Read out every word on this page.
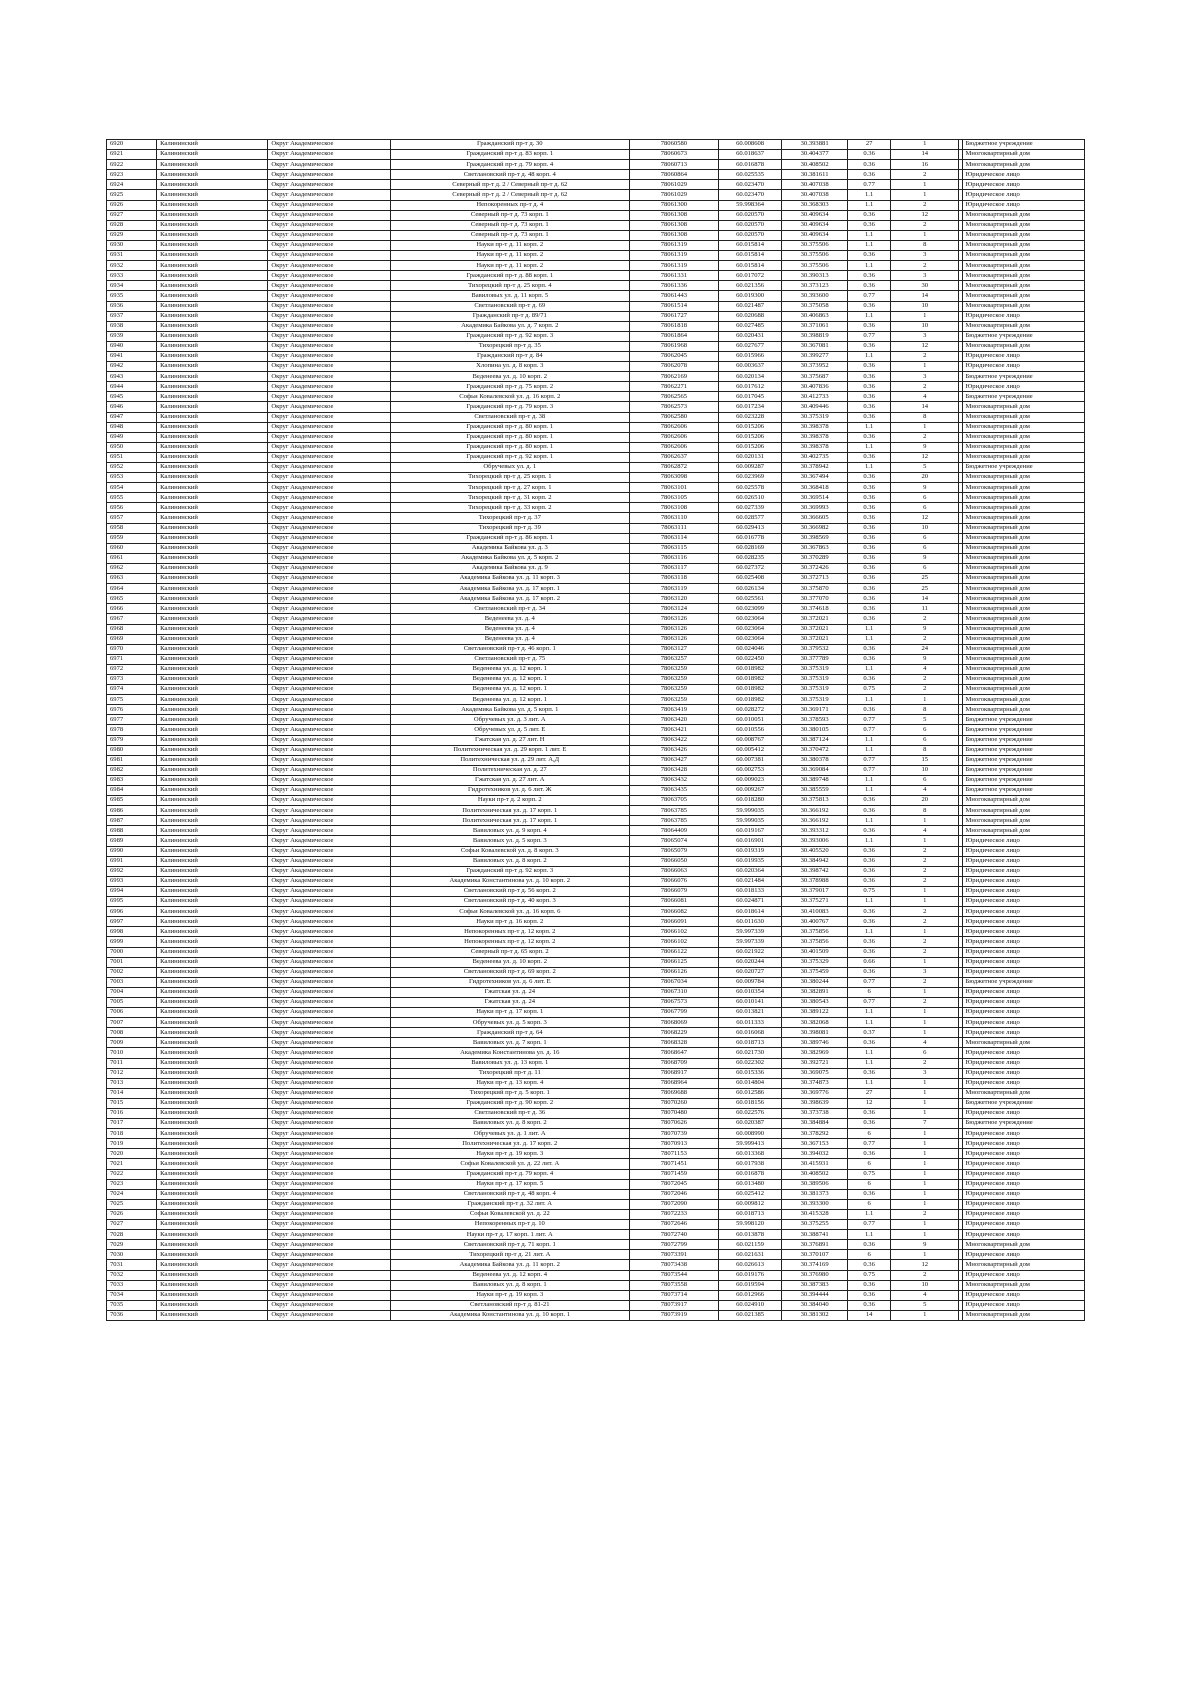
6920	Калининский	Округ Академическое	Гражданский пр-т д. 30	78060580	60.008608	30.393881	27	1		Бюджетное учреждение
6921	Калининский	Округ Академическое	Гражданский пр-т д. 83 корп. 1	78060673	60.018637	30.404377	0.36	14		Многоквартирный дом
6922	Калининский	Округ Академическое	Гражданский пр-т д. 79 корп. 4	78060713	60.016878	30.408502	0.36	16		Многоквартирный дом
6923	Калининский	Округ Академическое	Светлановский пр-т д. 48 корп. 4	78060864	60.025535	30.381611	0.36	2		Юридическое лицо
6924	Калининский	Округ Академическое	Северный пр-т д. 2 / Северный пр-т д. 62	78061029	60.023470	30.407038	0.77	1		Юридическое лицо
6925	Калининский	Округ Академическое	Северный пр-т д. 2 / Северный пр-т д. 62	78061029	60.023470	30.407038	1.1	1		Юридическое лицо
6926	Калининский	Округ Академическое	Непокоренных пр-т д. 4	78061300	59.998364	30.368303	1.1	2		Юридическое лицо
6927	Калининский	Округ Академическое	Северный пр-т д. 73 корп. 1	78061308	60.020570	30.409634	0.36	12		Многоквартирный дом
6928	Калининский	Округ Академическое	Северный пр-т д. 73 корп. 1	78061308	60.020570	30.409634	0.36	2		Многоквартирный дом
6929	Калининский	Округ Академическое	Северный пр-т д. 73 корп. 1	78061308	60.020570	30.409634	1.1	1		Многоквартирный дом
6930	Калининский	Округ Академическое	Науки пр-т д. 11 корп. 2	78061319	60.015814	30.375506	1.1	8		Многоквартирный дом
6931	Калининский	Округ Академическое	Науки пр-т д. 11 корп. 2	78061319	60.015814	30.375506	0.36	3		Многоквартирный дом
6932	Калининский	Округ Академическое	Науки пр-т д. 11 корп. 2	78061319	60.015814	30.375506	1.1	2		Многоквартирный дом
6933	Калининский	Округ Академическое	Гражданский пр-т д. 88 корп. 1	78061331	60.017072	30.390313	0.36	3		Многоквартирный дом
6934	Калининский	Округ Академическое	Тихорецкий пр-т д. 25 корп. 4	78061336	60.021356	30.373123	0.36	30		Многоквартирный дом
6935	Калининский	Округ Академическое	Вавиловых ул. д. 11 корп. 5	78061443	60.019300	30.393600	0.77	14		Многоквартирный дом
6936	Калининский	Округ Академическое	Светлановский пр-т д. 69	78061514	60.021487	30.375058	0.36	10		Многоквартирный дом
6937	Калининский	Округ Академическое	Гражданский пр-т д. 89/71	78061727	60.020688	30.406863	1.1	1		Юридическое лицо
6938	Калининский	Округ Академическое	Академика Байкова ул. д. 7 корп. 2	78061818	60.027485	30.371061	0.36	10		Многоквартирный дом
6939	Калининский	Округ Академическое	Гражданский пр-т д. 92 корп. 3	78061864	60.020431	30.398819	0.77	3		Бюджетное учреждение
6940	Калининский	Округ Академическое	Тихорецкий пр-т д. 35	78061968	60.027677	30.367081	0.36	12		Многоквартирный дом
6941	Калининский	Округ Академическое	Гражданский пр-т д. 84	78062045	60.015966	30.399277	1.1	2		Юридическое лицо
6942	Калининский	Округ Академическое	Хлопина ул. д. 8 корп. 3	78062078	60.003637	30.373952	0.36	1		Юридическое лицо
6943	Калининский	Округ Академическое	Веденеева ул. д. 10 корп. 2	78062169	60.020134	30.375687	0.36	3		Бюджетное учреждение
6944	Калининский	Округ Академическое	Гражданский пр-т д. 75 корп. 2	78062271	60.017612	30.407836	0.36	2		Юридическое лицо
6945	Калининский	Округ Академическое	Софьи Ковалевской ул. д. 16 корп. 2	78062565	60.017045	30.412733	0.36	4		Бюджетное учреждение
6946	Калининский	Округ Академическое	Гражданский пр-т д. 79 корп. 3	78062573	60.017234	30.409446	0.36	14		Многоквартирный дом
6947	Калининский	Округ Академическое	Светлановский пр-т д. 38	78062580	60.023228	30.375319	0.36	8		Многоквартирный дом
6948	Калининский	Округ Академическое	Гражданский пр-т д. 80 корп. 1	78062606	60.015206	30.398378	1.1	1		Многоквартирный дом
6949	Калининский	Округ Академическое	Гражданский пр-т д. 80 корп. 1	78062606	60.015206	30.398378	0.36	2		Многоквартирный дом
6950	Калининский	Округ Академическое	Гражданский пр-т д. 80 корп. 1	78062606	60.015206	30.398378	1.1	9		Многоквартирный дом
6951	Калининский	Округ Академическое	Гражданский пр-т д. 92 корп. 1	78062637	60.020131	30.402735	0.36	12		Многоквартирный дом
6952	Калининский	Округ Академическое	Обручевых ул. д. 1	78062872	60.009287	30.378942	1.1	5		Бюджетное учреждение
6953	Калининский	Округ Академическое	Тихорецкий пр-т д. 25 корп. 1	78063098	60.023969	30.367494	0.36	20		Многоквартирный дом
6954	Калининский	Округ Академическое	Тихорецкий пр-т д. 27 корп. 1	78063101	60.025578	30.368418	0.36	9		Многоквартирный дом
6955	Калининский	Округ Академическое	Тихорецкий пр-т д. 31 корп. 2	78063105	60.026510	30.369514	0.36	6		Многоквартирный дом
6956	Калининский	Округ Академическое	Тихорецкий пр-т д. 33 корп. 2	78063108	60.027339	30.369993	0.36	6		Многоквартирный дом
6957	Калининский	Округ Академическое	Тихорецкий пр-т д. 37	78063110	60.028577	30.366605	0.36	12		Многоквартирный дом
6958	Калининский	Округ Академическое	Тихорецкий пр-т д. 39	78063111	60.029413	30.366982	0.36	10		Многоквартирный дом
6959	Калининский	Округ Академическое	Гражданский пр-т д. 86 корп. 1	78063114	60.016778	30.398569	0.36	6		Многоквартирный дом
6960	Калининский	Округ Академическое	Академика Байкова ул. д. 3	78063115	60.028169	30.367863	0.36	6		Многоквартирный дом
6961	Калининский	Округ Академическое	Академика Байкова ул. д. 5 корп. 2	78063116	60.028235	30.370289	0.36	9		Многоквартирный дом
6962	Калининский	Округ Академическое	Академика Байкова ул. д. 9	78063117	60.027372	30.372426	0.36	6		Многоквартирный дом
6963	Калининский	Округ Академическое	Академика Байкова ул. д. 11 корп. 3	78063118	60.025408	30.372713	0.36	25		Многоквартирный дом
6964	Калининский	Округ Академическое	Академика Байкова ул. д. 17 корп. 1	78063119	60.026134	30.375870	0.36	25		Многоквартирный дом
6965	Калининский	Округ Академическое	Академика Байкова ул. д. 17 корп. 2	78063120	60.025561	30.377070	0.36	14		Многоквартирный дом
6966	Калининский	Округ Академическое	Светлановский пр-т д. 34	78063124	60.023099	30.374618	0.36	11		Многоквартирный дом
6967	Калининский	Округ Академическое	Веденеева ул. д. 4	78063126	60.023064	30.372021	0.36	2		Многоквартирный дом
6968	Калининский	Округ Академическое	Веденеева ул. д. 4	78063126	60.023064	30.372021	1.1	9		Многоквартирный дом
6969	Калининский	Округ Академическое	Веденеева ул. д. 4	78063126	60.023064	30.372021	1.1	2		Многоквартирный дом
6970	Калининский	Округ Академическое	Светлановский пр-т д. 46 корп. 1	78063127	60.024046	30.379532	0.36	24		Многоквартирный дом
6971	Калининский	Округ Академическое	Светлановский пр-т д. 75	78063257	60.022450	30.377789	0.36	9		Многоквартирный дом
6972	Калининский	Округ Академическое	Веденеева ул. д. 12 корп. 1	78063259	60.018982	30.375319	1.1	4		Многоквартирный дом
6973	Калининский	Округ Академическое	Веденеева ул. д. 12 корп. 1	78063259	60.018982	30.375319	0.36	2		Многоквартирный дом
6974	Калининский	Округ Академическое	Веденеева ул. д. 12 корп. 1	78063259	60.018982	30.375319	0.75	2		Многоквартирный дом
6975	Калининский	Округ Академическое	Веденеева ул. д. 12 корп. 1	78063259	60.018982	30.375319	1.1	1		Многоквартирный дом
6976	Калининский	Округ Академическое	Академика Байкова ул. д. 5 корп. 1	78063419	60.028272	30.369171	0.36	8		Многоквартирный дом
6977	Калининский	Округ Академическое	Обручевых ул. д. 3 лит. А	78063420	60.010051	30.378593	0.77	5		Бюджетное учреждение
6978	Калининский	Округ Академическое	Обручевых ул. д. 5 лит. Е	78063421	60.010556	30.380105	0.77	6		Бюджетное учреждение
6979	Калининский	Округ Академическое	Гжатская ул. д. 27 лит. Н	78063422	60.008767	30.387124	1.1	6		Бюджетное учреждение
6980	Калининский	Округ Академическое	Политехническая ул. д. 29 корп. 1 лит. Е	78063426	60.005412	30.370472	1.1	8		Бюджетное учреждение
6981	Калининский	Округ Академическое	Политехническая ул. д. 29 лит. А,Д	78063427	60.007381	30.380378	0.77	15		Бюджетное учреждение
6982	Калининский	Округ Академическое	Политехническая ул. д. 27	78063428	60.002753	30.369084	0.77	10		Бюджетное учреждение
6983	Калининский	Округ Академическое	Гжатская ул. д. 27 лит. А	78063432	60.009023	30.389748	1.1	6		Бюджетное учреждение
6984	Калининский	Округ Академическое	Гидротехников ул. д. 6 лит. Ж	78063435	60.009267	30.385559	1.1	4		Бюджетное учреждение
6985	Калининский	Округ Академическое	Науки пр-т д. 2 корп. 2	78063705	60.018280	30.375813	0.36	20		Многоквартирный дом
6986	Калининский	Округ Академическое	Политехническая ул. д. 17 корп. 1	78063785	59.999035	30.366192	0.36	8		Многоквартирный дом
6987	Калининский	Округ Академическое	Политехническая ул. д. 17 корп. 1	78063785	59.999035	30.366192	1.1	1		Многоквартирный дом
6988	Калининский	Округ Академическое	Вавиловых ул. д. 9 корп. 4	78064409	60.019167	30.393312	0.36	4		Многоквартирный дом
6989	Калининский	Округ Академическое	Вавиловых ул. д. 5 корп. 3	78065074	60.016901	30.393006	1.1	1		Юридическое лицо
6990	Калининский	Округ Академическое	Софьи Ковалевской ул. д. 8 корп. 3	78065079	60.019319	30.405520	0.36	2		Юридическое лицо
6991	Калининский	Округ Академическое	Вавиловых ул. д. 8 корп. 2	78066050	60.019935	30.384942	0.36	2		Юридическое лицо
6992	Калининский	Округ Академическое	Гражданский пр-т д. 92 корп. 3	78066063	60.020364	30.398742	0.36	2		Юридическое лицо
6993	Калининский	Округ Академическое	Академика Константинова ул. д. 10 корп. 2	78066076	60.021484	30.378988	0.36	2		Юридическое лицо
6994	Калининский	Округ Академическое	Светлановский пр-т д. 56 корп. 2	78066079	60.018133	30.379017	0.75	1		Юридическое лицо
6995	Калининский	Округ Академическое	Светлановский пр-т д. 40 корп. 3	78066081	60.024871	30.375271	1.1	1		Юридическое лицо
6996	Калининский	Округ Академическое	Софьи Ковалевской ул. д. 16 корп. 6	78066082	60.018614	30.410083	0.36	2		Юридическое лицо
6997	Калининский	Округ Академическое	Науки пр-т д. 16 корп. 2	78066091	60.011630	30.400767	0.36	2		Юридическое лицо
6998	Калининский	Округ Академическое	Непокоренных пр-т д. 12 корп. 2	78066102	59.997339	30.375856	1.1	1		Юридическое лицо
6999	Калининский	Округ Академическое	Непокоренных пр-т д. 12 корп. 2	78066102	59.997339	30.375856	0.36	2		Юридическое лицо
7000	Калининский	Округ Академическое	Северный пр-т д. 65 корп. 2	78066122	60.021922	30.401509	0.36	2		Юридическое лицо
7001	Калининский	Округ Академическое	Веденеева ул. д. 10 корп. 2	78066125	60.020244	30.375329	0.66	1		Юридическое лицо
7002	Калининский	Округ Академическое	Светлановский пр-т д. 69 корп. 2	78066126	60.020727	30.375459	0.36	3		Юридическое лицо
7003	Калининский	Округ Академическое	Гидротехников ул. д. 6 лит. Е	78067034	60.009784	30.380244	0.77	2		Бюджетное учреждение
7004	Калининский	Округ Академическое	Гжатская ул. д. 24	78067310	60.010354	30.382891	6	1		Юридическое лицо
7005	Калининский	Округ Академическое	Гжатская ул. д. 24	78067573	60.010141	30.380543	0.77	2		Юридическое лицо
7006	Калининский	Округ Академическое	Науки пр-т д. 17 корп. 1	78067799	60.013821	30.389122	1.1	1		Юридическое лицо
7007	Калининский	Округ Академическое	Обручевых ул. д. 5 корп. 3	78068069	60.011333	30.382068	1.1	1		Юридическое лицо
7008	Калининский	Округ Академическое	Гражданский пр-т д. 64	78068229	60.016068	30.398081	0.37	1		Юридическое лицо
7009	Калининский	Округ Академическое	Вавиловых ул. д. 7 корп. 1	78068328	60.018713	30.389746	0.36	4		Многоквартирный дом
7010	Калининский	Округ Академическое	Академика Константинова ул. д. 16	78068647	60.021730	30.382969	1.1	6		Юридическое лицо
7011	Калининский	Округ Академическое	Вавиловых ул. д. 13 корп. 1	78068709	60.022302	30.392721	1.1	2		Юридическое лицо
7012	Калининский	Округ Академическое	Тихорецкий пр-т д. 11	78068917	60.015336	30.369075	0.36	3		Юридическое лицо
7013	Калининский	Округ Академическое	Науки пр-т д. 13 корп. 4	78068964	60.014804	30.374873	1.1	1		Юридическое лицо
7014	Калининский	Округ Академическое	Тихорецкий пр-т д. 5 корп. 1	78069688	60.012586	30.369776	27	1		Многоквартирный дом
7015	Калининский	Округ Академическое	Гражданский пр-т д. 90 корп. 2	78070260	60.018156	30.398639	12	1		Бюджетное учреждение
7016	Калининский	Округ Академическое	Светлановский пр-т д. 36	78070480	60.022576	30.373738	0.36	1		Юридическое лицо
7017	Калининский	Округ Академическое	Вавиловых ул. д. 8 корп. 2	78070626	60.020387	30.384884	0.36	7		Бюджетное учреждение
7018	Калининский	Округ Академическое	Обручевых ул. д. 1 лит. А	78070739	60.008990	30.378292	6	1		Юридическое лицо
7019	Калининский	Округ Академическое	Политехническая ул. д. 17 корп. 2	78070913	59.999413	30.367153	0.77	1		Юридическое лицо
7020	Калининский	Округ Академическое	Науки пр-т д. 19 корп. 3	78071153	60.013368	30.394032	0.36	1		Юридическое лицо
7021	Калининский	Округ Академическое	Софьи Ковалевской ул. д. 22 лит. А	78071451	60.017938	30.415931	6	1		Юридическое лицо
7022	Калининский	Округ Академическое	Гражданский пр-т д. 79 корп. 4	78071459	60.016878	30.408502	0.75	1		Юридическое лицо
7023	Калининский	Округ Академическое	Науки пр-т д. 17 корп. 5	78072045	60.013480	30.389506	6	1		Юридическое лицо
7024	Калининский	Округ Академическое	Светлановский пр-т д. 48 корп. 4	78072046	60.025412	30.381373	0.36	1		Юридическое лицо
7025	Калининский	Округ Академическое	Гражданский пр-т д. 32 лит. А	78072090	60.009812	30.393300	6	1		Юридическое лицо
7026	Калининский	Округ Академическое	Софьи Ковалевской ул. д. 22	78072233	60.018713	30.415328	1.1	2		Юридическое лицо
7027	Калининский	Округ Академическое	Непокоренных пр-т д. 10	78072646	59.998120	30.375255	0.77	1		Юридическое лицо
7028	Калининский	Округ Академическое	Науки пр-т д. 17 корп. 1 лит. А	78072740	60.013878	30.388741	1.1	1		Юридическое лицо
7029	Калининский	Округ Академическое	Светлановский пр-т д. 71 корп. 1	78072799	60.021159	30.376891	0.36	9		Многоквартирный дом
7030	Калининский	Округ Академическое	Тихорецкий пр-т д. 21 лит. А	78073391	60.021631	30.370107	6	1		Юридическое лицо
7031	Калининский	Округ Академическое	Академика Байкова ул. д. 11 корп. 2	78073438	60.026613	30.374169	0.36	12		Многоквартирный дом
7032	Калининский	Округ Академическое	Веденеева ул. д. 12 корп. 4	78073544	60.019176	30.376980	0.75	2		Юридическое лицо
7033	Калининский	Округ Академическое	Вавиловых ул. д. 8 корп. 1	78073558	60.019594	30.387383	0.36	10		Многоквартирный дом
7034	Калининский	Округ Академическое	Науки пр-т д. 19 корп. 3	78073714	60.012966	30.394444	0.36	4		Юридическое лицо
7035	Калининский	Округ Академическое	Светлановский пр-т д. 81-21	78073917	60.024910	30.384040	0.36	5		Юридическое лицо
7036	Калининский	Округ Академическое	Академика Константинова ул. д. 10 корп. 1	78073919	60.021385	30.381302	14	1		Многоквартирный дом
